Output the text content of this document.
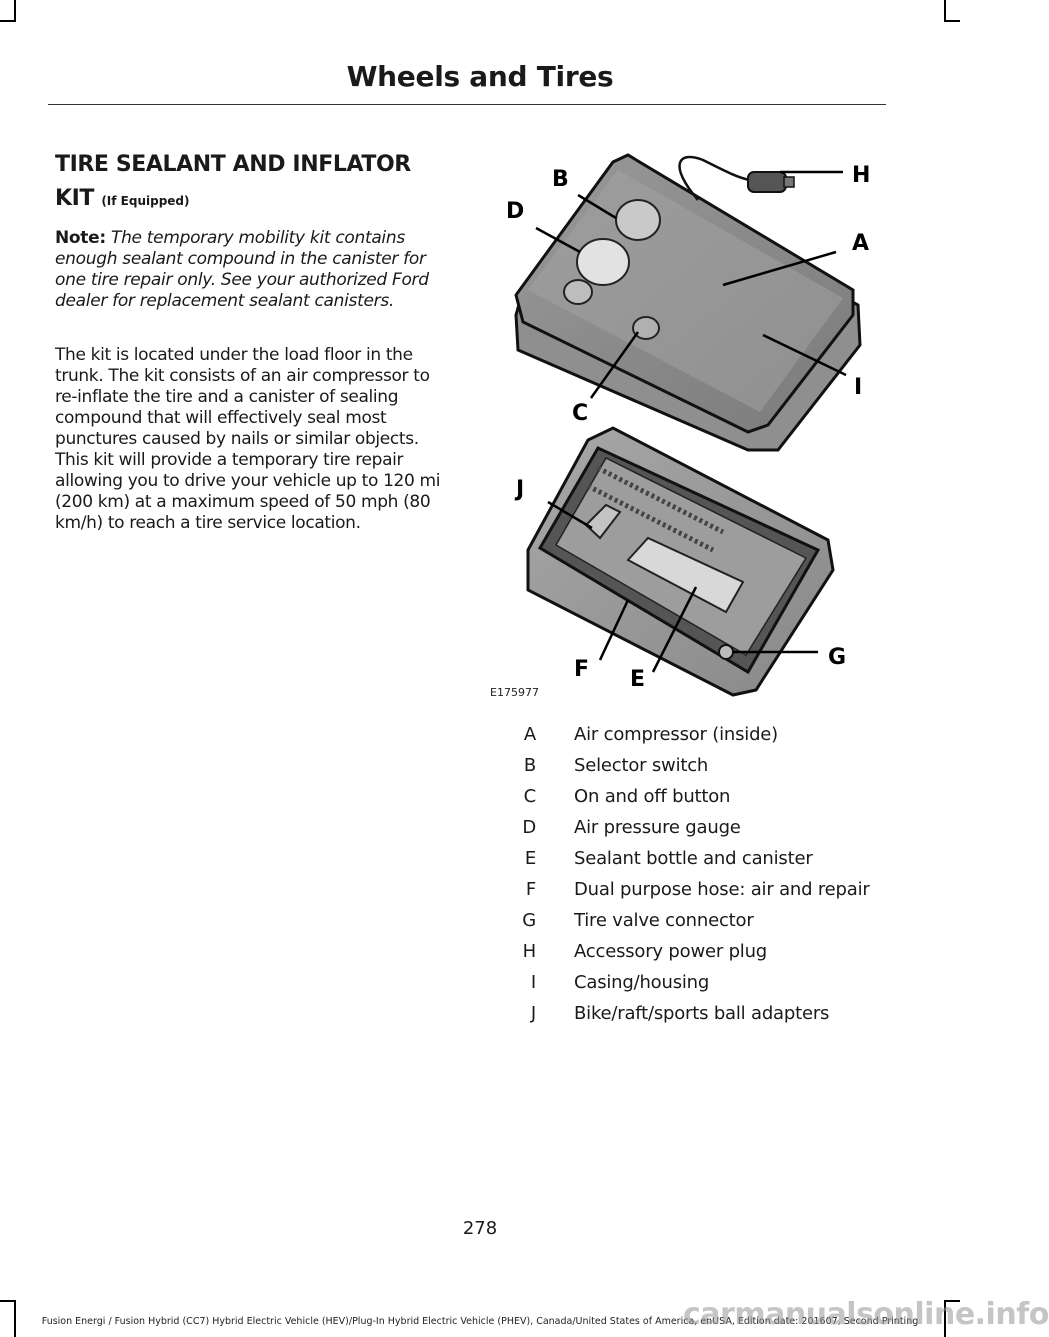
Wheels and Tires
TIRE SEALANT AND INFLATOR KIT (If Equipped)
Note: The temporary mobility kit contains enough sealant compound in the canister for one tire repair only. See your authorized Ford dealer for replacement sealant canisters.
The kit is located under the load floor in the trunk. The kit consists of an air compressor to re-inflate the tire and a canister of sealing compound that will effectively seal most punctures caused by nails or similar objects. This kit will provide a temporary tire repair allowing you to drive your vehicle up to 120 mi (200 km) at a maximum speed of 50 mph (80 km/h) to reach a tire service location.
B
D
H
A
I
C
J
F E
G
E175977
A Air compressor (inside)
B Selector switch
C On and off button
D Air pressure gauge
E Sealant bottle and canister
F Dual purpose hose: air and repair
G Tire valve connector
H Accessory power plug
I Casing/housing
J Bike/raft/sports ball adapters
278
Fusion Energi / Fusion Hybrid (CC7) Hybrid Electric Vehicle (HEV)/Plug-In Hybrid Electric Vehicle (PHEV), Canada/United States of America, enUSA, Edition date: 201607, Second Printing
carmanualsonline.info
